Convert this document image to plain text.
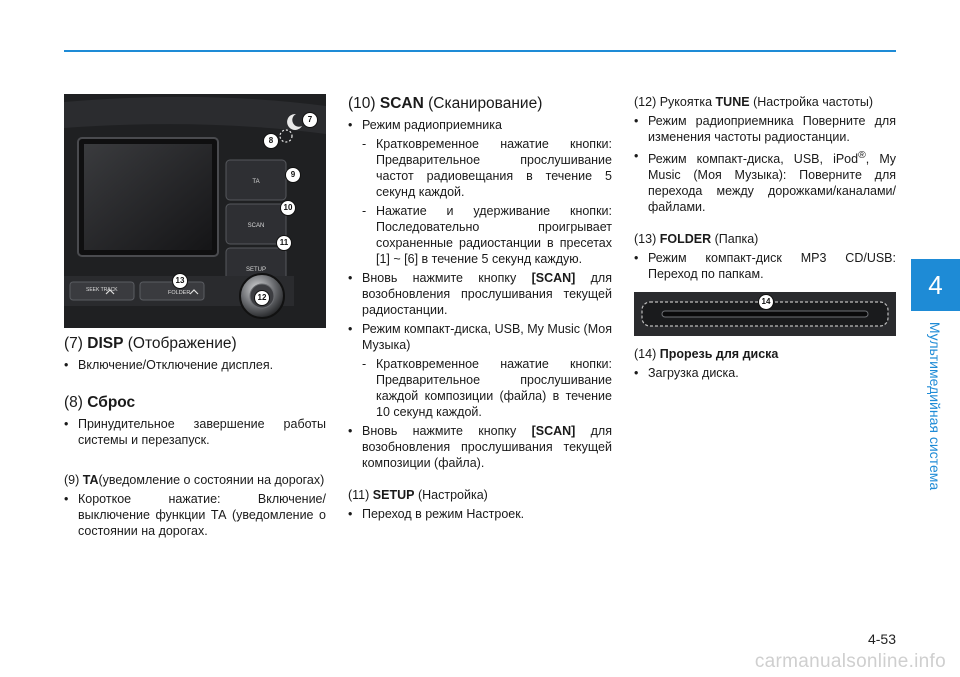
4
Мультимедийная система
TA
SCAN
SETUP
SEEK TRACK	FOLDER
7
8
9
10
11
12
13

(7) DISP (Отображение)

• Включение/Отключение дисплея.

(8) Сброс

• Принудительное завершение работы системы и перезапуск.
(9) TA(уведомление о состоянии на дорогах)
• Короткое нажатие: Включение/выключение функции ТА (уведомление о состоянии на дорогах.

(10) SCAN (Сканирование)

• Режим радиоприемника
- Кратковременное нажатие кнопки: Предварительное прослушивание частот радиовещания в течение 5 секунд каждой.
- Нажатие и удерживание кнопки: Последовательно проигрывает сохраненные радиостанции в пресетах [1] ~ [6] в течение 5 секунд каждую.
• Вновь нажмите кнопку [SCAN] для возобновления прослушивания текущей радиостанции.
• Режим компакт-диска, USB, My Music (Моя Музыка)
- Кратковременное нажатие кнопки: Предварительное прослушивание каждой композиции (файла) в течение 10 секунд каждой.
• Вновь нажмите кнопку [SCAN] для возобновления прослушивания текущей композиции (файла).

(11) SETUP (Настройка)

• Переход в режим Настроек.

(12) Рукоятка TUNE (Настройка частоты)

• Режим радиоприемника Поверните для изменения частоты радиостанции.
• Режим компакт-диска, USB, iPod®, My Music (Моя Музыка): Поверните для перехода между дорожками/каналами/файлами.

(13) FOLDER (Папка)

• Режим компакт-диск МP3 CD/USB: Переход по папкам.
14

(14) Прорезь для диска

• Загрузка диска.
4-53
carmanualsonline.info
